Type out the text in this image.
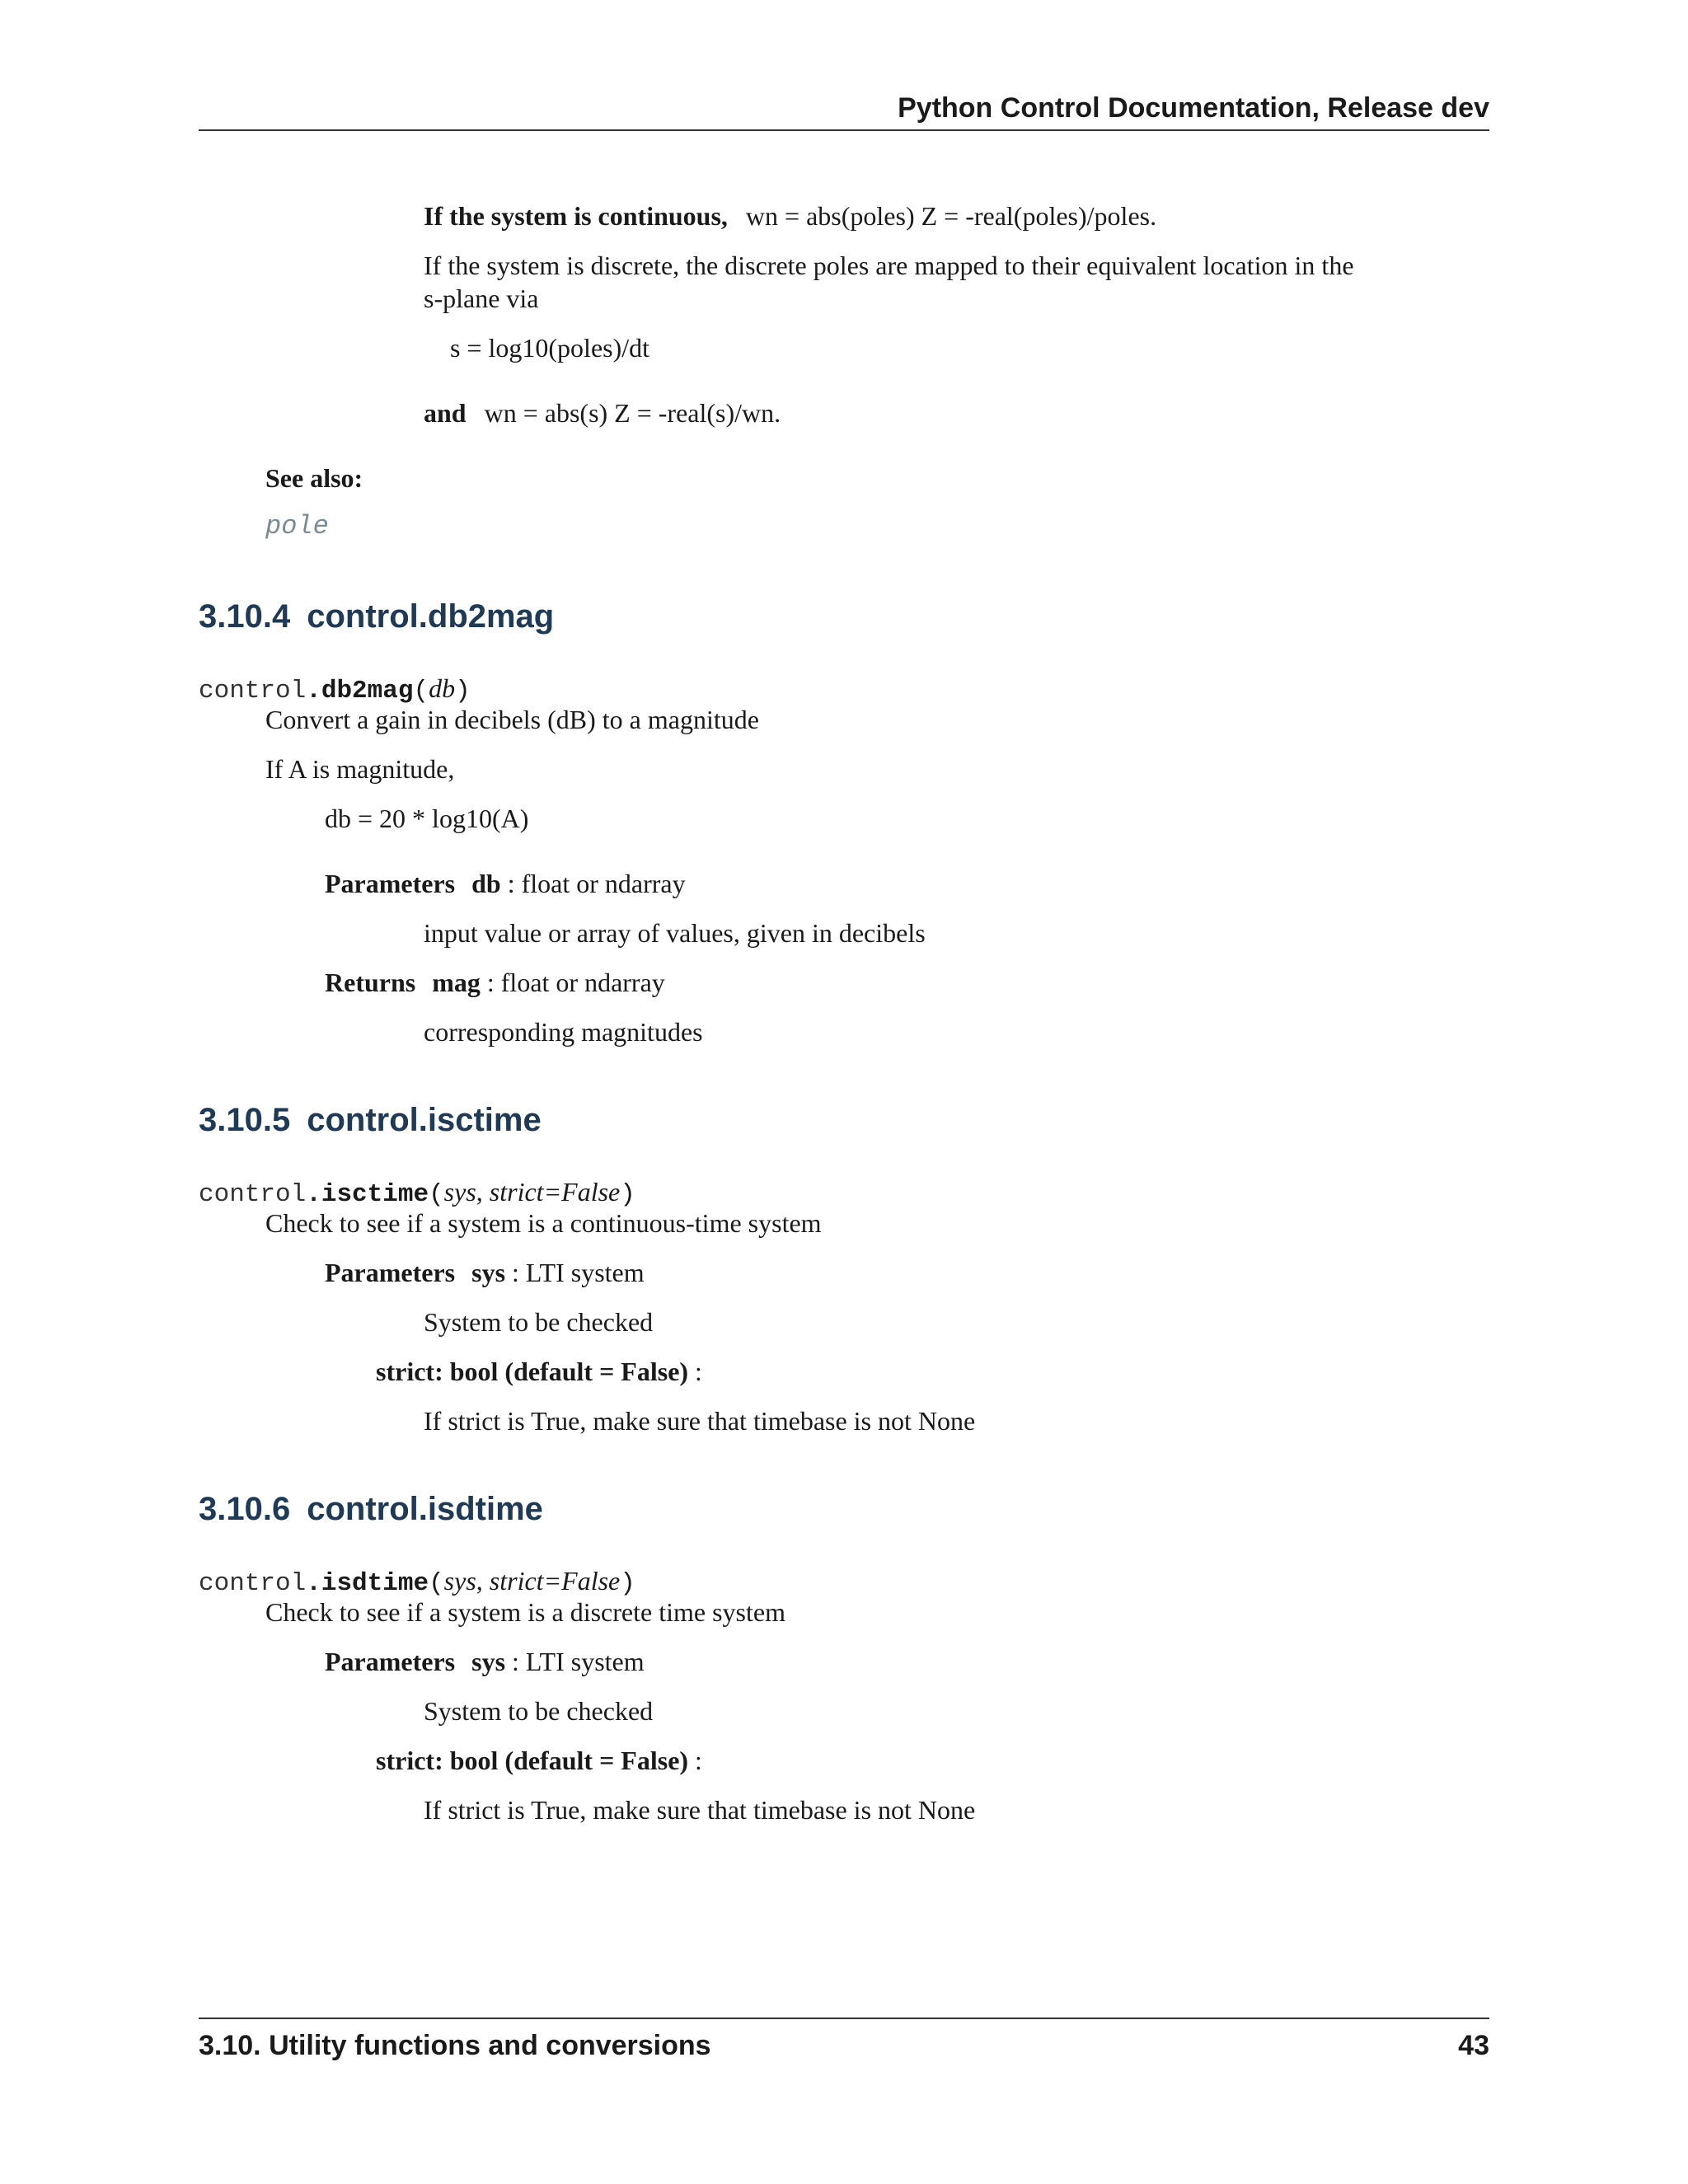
Python Control Documentation, Release dev
If the system is continuous, wn = abs(poles) Z = -real(poles)/poles.
If the system is discrete, the discrete poles are mapped to their equivalent location in the
s-plane via
s = log10(poles)/dt
and wn = abs(s) Z = -real(s)/wn.
See also:
pole
3.10.4 control.db2mag
control.db2mag(db)
Convert a gain in decibels (dB) to a magnitude
If A is magnitude,
db = 20 * log10(A)
Parameters db : float or ndarray
input value or array of values, given in decibels
Returns mag : float or ndarray
corresponding magnitudes
3.10.5 control.isctime
control.isctime(sys, strict=False)
Check to see if a system is a continuous-time system
Parameters sys : LTI system
System to be checked
strict: bool (default = False) :
If strict is True, make sure that timebase is not None
3.10.6 control.isdtime
control.isdtime(sys, strict=False)
Check to see if a system is a discrete time system
Parameters sys : LTI system
System to be checked
strict: bool (default = False) :
If strict is True, make sure that timebase is not None
3.10. Utility functions and conversions	43
